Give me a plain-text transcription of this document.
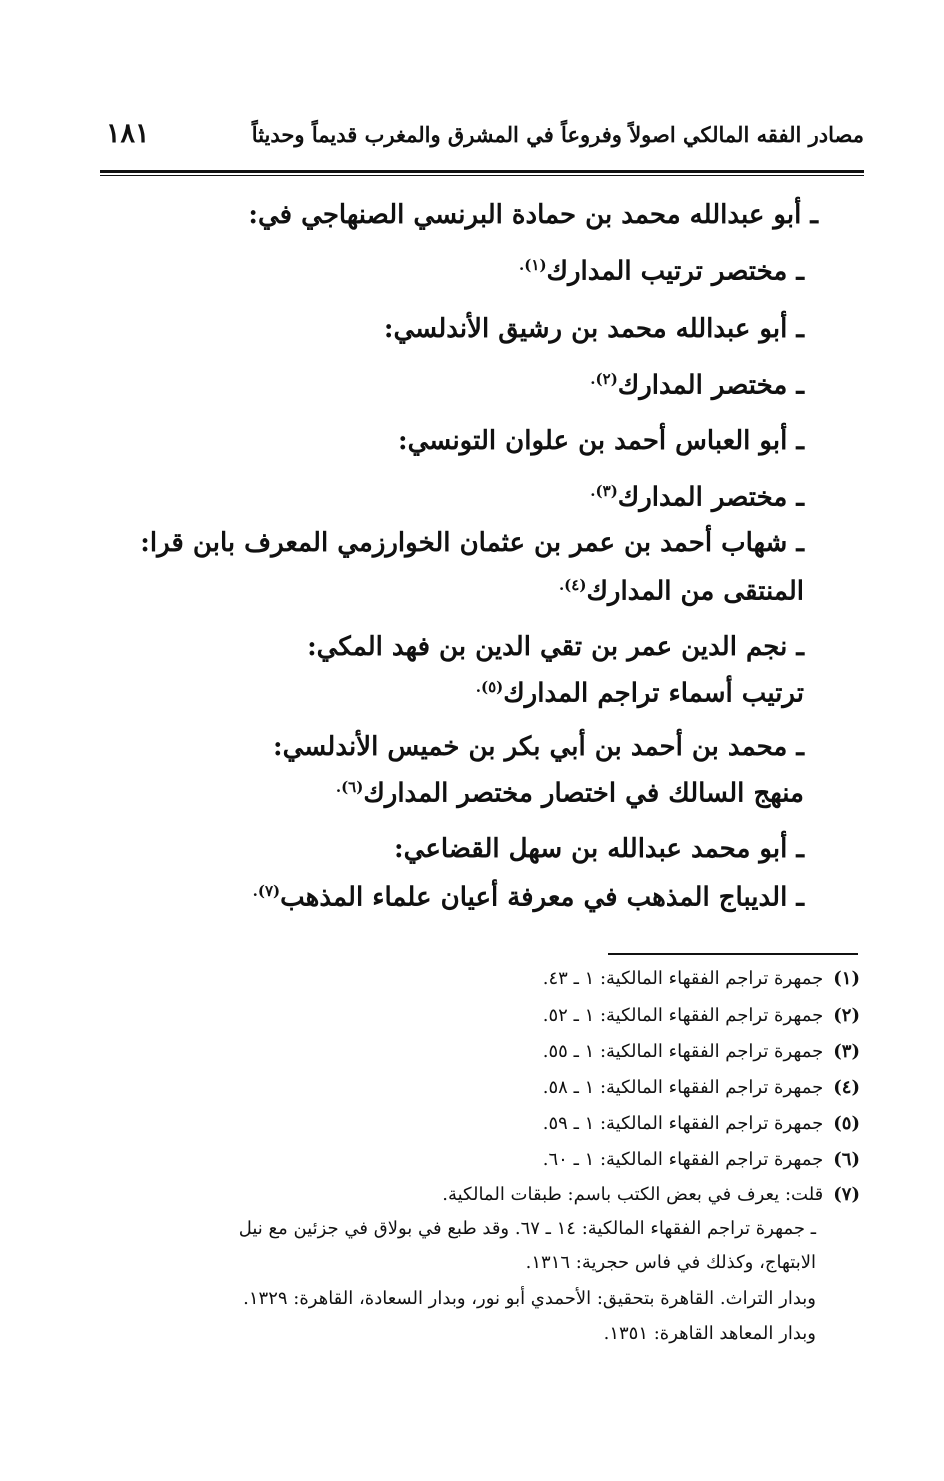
١٨١	مصادر الفقه المالكي اصولاً وفروعاً في المشرق والمغرب قديماً وحديثاً
ـ أبو عبدالله محمد بن حمادة البرنسي الصنهاجي في:
ـ مختصر ترتيب المدارك$^{(١).}$
ـ أبو عبدالله محمد بن رشيق الأندلسي:
ـ مختصر المدارك$^{(٢).}$
ـ أبو العباس أحمد بن علوان التونسي:
ـ مختصر المدارك$^{(٣).}$
ـ شهاب أحمد بن عمر بن عثمان الخوارزمي المعرف بابن قرا:
المنتقى من المدارك$^{(٤).}$
ـ نجم الدين عمر بن تقي الدين بن فهد المكي:
ترتيب أسماء تراجم المدارك$^{(٥).}$
ـ محمد بن أحمد بن أبي بكر بن خميس الأندلسي:
منهج السالك في اختصار مختصر المدارك$^{(٦).}$
ـ أبو محمد عبدالله بن سهل القضاعي:
ـ الديباج المذهب في معرفة أعيان علماء المذهب$^{(٧).}$
(١)جمهرة تراجم الفقهاء المالكية: ١ ـ ٤٣.
(٢)جمهرة تراجم الفقهاء المالكية: ١ ـ ٥٢.
(٣)جمهرة تراجم الفقهاء المالكية: ١ ـ ٥٥.
(٤)جمهرة تراجم الفقهاء المالكية: ١ ـ ٥٨.
(٥)جمهرة تراجم الفقهاء المالكية: ١ ـ ٥٩.
(٦)جمهرة تراجم الفقهاء المالكية: ١ ـ ٦٠.
(٧)قلت: يعرف في بعض الكتب باسم: طبقات المالكية.
ـ جمهرة تراجم الفقهاء المالكية: ١٤ ـ ٦٧. وقد طبع في بولاق في جزئين مع نيل
الابتهاج، وكذلك في فاس حجرية: ١٣١٦.
وبدار التراث. القاهرة بتحقيق: الأحمدي أبو نور، وبدار السعادة، القاهرة: ١٣٢٩.
وبدار المعاهد القاهرة: ١٣٥١.
